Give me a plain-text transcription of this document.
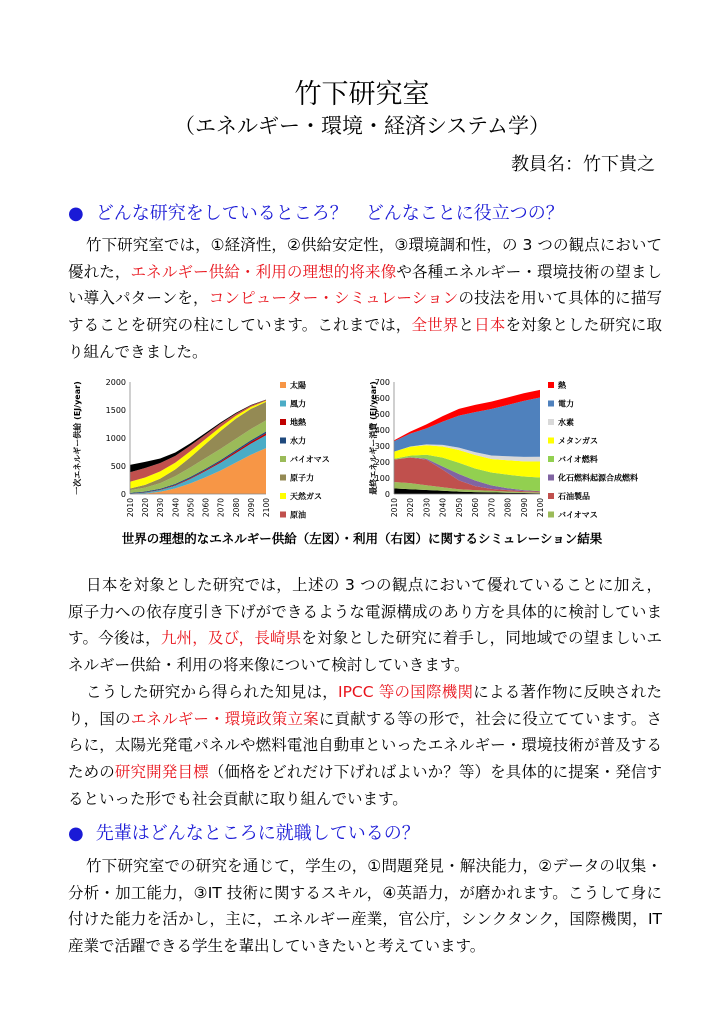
竹下研究室
（エネルギー・環境・経済システム学）
教員名：竹下貴之
● どんな研究をしているところ？　どんなことに役立つの？
竹下研究室では，①経済性，②供給安定性，③環境調和性，の 3 つの観点において優れた，エネルギー供給・利用の理想的将来像や各種エネルギー・環境技術の望ましい導入パターンを，コンピューター・シミュレーションの技法を用いて具体的に描写することを研究の柱にしています。これまでは，全世界と日本を対象とした研究に取り組んできました。
一次エネルギー供給 (EJ/year)	2000
1500
1000
500
0
2010 2020 2030 2040 2050 2060 2070 2080 2090 2100
太陽
風力
地熱
水力
バイオマス
原子力
天然ガス
原油
最終エネルギー消費 (EJ/year)
700
600
500
400
300
200
100
0
2010 2020 2030 2040 2050 2060 2070 2080 2090 2100
熱
電力
水素
メタンガス
バイオ燃料
化石燃料起源合成燃料
石油製品
バイオマス
世界の理想的なエネルギー供給（左図）・利用（右図）に関するシミュレーション結果
日本を対象とした研究では，上述の 3 つの観点において優れていることに加え，原子力への依存度引き下げができるような電源構成のあり方を具体的に検討しています。今後は，九州，及び，長崎県を対象とした研究に着手し，同地域での望ましいエネルギー供給・利用の将来像について検討していきます。
こうした研究から得られた知見は，IPCC 等の国際機関による著作物に反映されたり，国のエネルギー・環境政策立案に貢献する等の形で，社会に役立てています。さらに，太陽光発電パネルや燃料電池自動車といったエネルギー・環境技術が普及するための研究開発目標（価格をどれだけ下げればよいか？等）を具体的に提案・発信するといった形でも社会貢献に取り組んでいます。
● 先輩はどんなところに就職しているの？
竹下研究室での研究を通じて，学生の，①問題発見・解決能力，②データの収集・分析・加工能力，③IT 技術に関するスキル，④英語力，が磨かれます。こうして身に付けた能力を活かし，主に，エネルギー産業，官公庁，シンクタンク，国際機関，IT 産業で活躍できる学生を輩出していきたいと考えています。
